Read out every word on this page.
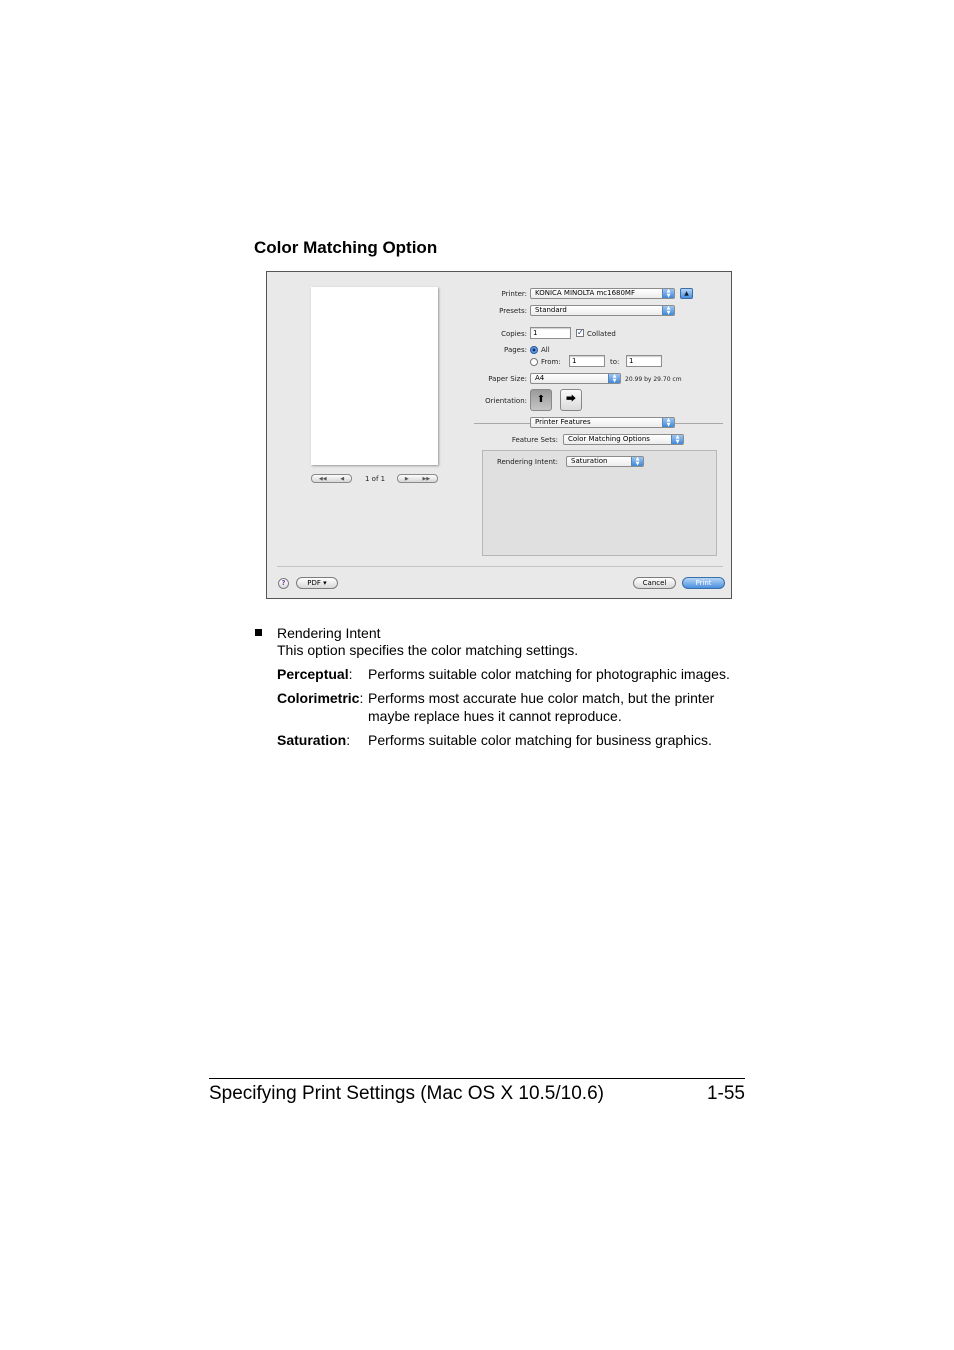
Color Matching Option
◀◀	◀	1 of 1	▶	▶▶
Printer:	KONICA MINOLTA mc1680MF	▲
▼	▲
Presets:	Standard	▲
▼
Copies: 1	✓ Collated
Pages: All
From:	1	to:	1
Paper Size:	A4	▲
▼	20.99 by 29.70 cm
Orientation: ⬆	⮕
Printer Features	▲
▼
Feature Sets:	Color Matching Options	▲
▼
Rendering Intent:	Saturation	▲
▼
?	PDF ▾	Cancel	Print
Rendering Intent
This option specifies the color matching settings.
Perceptual: Performs suitable color matching for photographic images.
Colorimetric: Performs most accurate hue color match, but the printer
maybe replace hues it cannot reproduce.
Saturation: Performs suitable color matching for business graphics.
Specifying Print Settings (Mac OS X 10.5/10.6)	1-55
